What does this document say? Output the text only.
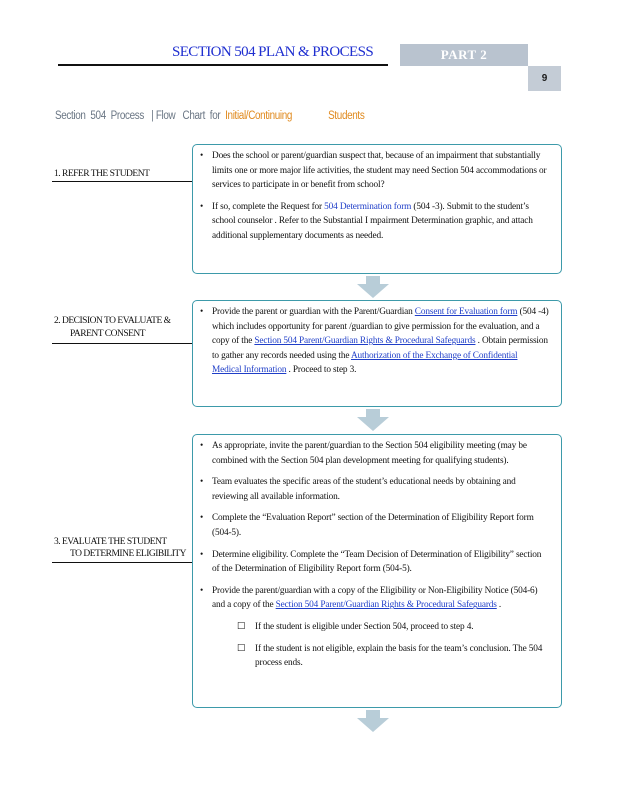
SECTION 504 PLAN & PROCESS	PART 2
9
Section  504  Process   | Flow   Chart  for  Initial/Continuing	Students
1. REFER THE STUDENT
• Does the school or parent/guardian suspect that, because of an impairment that substantially limits one or more major life activities, the student may need Section 504 accommodations or services to participate in or benefit from school?
• If so, complete the Request for 504 Determination form (504 -3). Submit to the student’s school counselor . Refer to the Substantial I mpairment Determination graphic, and attach additional supplementary documents as needed.
2. DECISION TO EVALUATE &
PARENT CONSENT
• Provide the parent or guardian with the Parent/Guardian Consent for Evaluation form (504 -4) which includes opportunity for parent /guardian to give permission for the evaluation, and a copy of the Section 504 Parent/Guardian Rights & Procedural Safeguards . Obtain permission to gather any records needed using the Authorization of the Exchange of Confidential Medical Information . Proceed to step 3.
3. EVALUATE THE STUDENT
TO DETERMINE ELIGIBILITY
• As appropriate, invite the parent/guardian to the Section 504 eligibility meeting (may be combined with the Section 504 plan development meeting for qualifying students).
• Team evaluates the specific areas of the student’s educational needs by obtaining and reviewing all available information.
• Complete the “Evaluation Report” section of the Determination of Eligibility Report form (504-5).
• Determine eligibility. Complete the “Team Decision of Determination of Eligibility” section of the Determination of Eligibility Report form (504-5).
• Provide the parent/guardian with a copy of the Eligibility or Non-Eligibility Notice (504-6) and a copy of the Section 504 Parent/Guardian Rights & Procedural Safeguards .
☐ If the student is eligible under Section 504, proceed to step 4.
☐ If the student is not eligible, explain the basis for the team’s conclusion. The 504 process ends.
